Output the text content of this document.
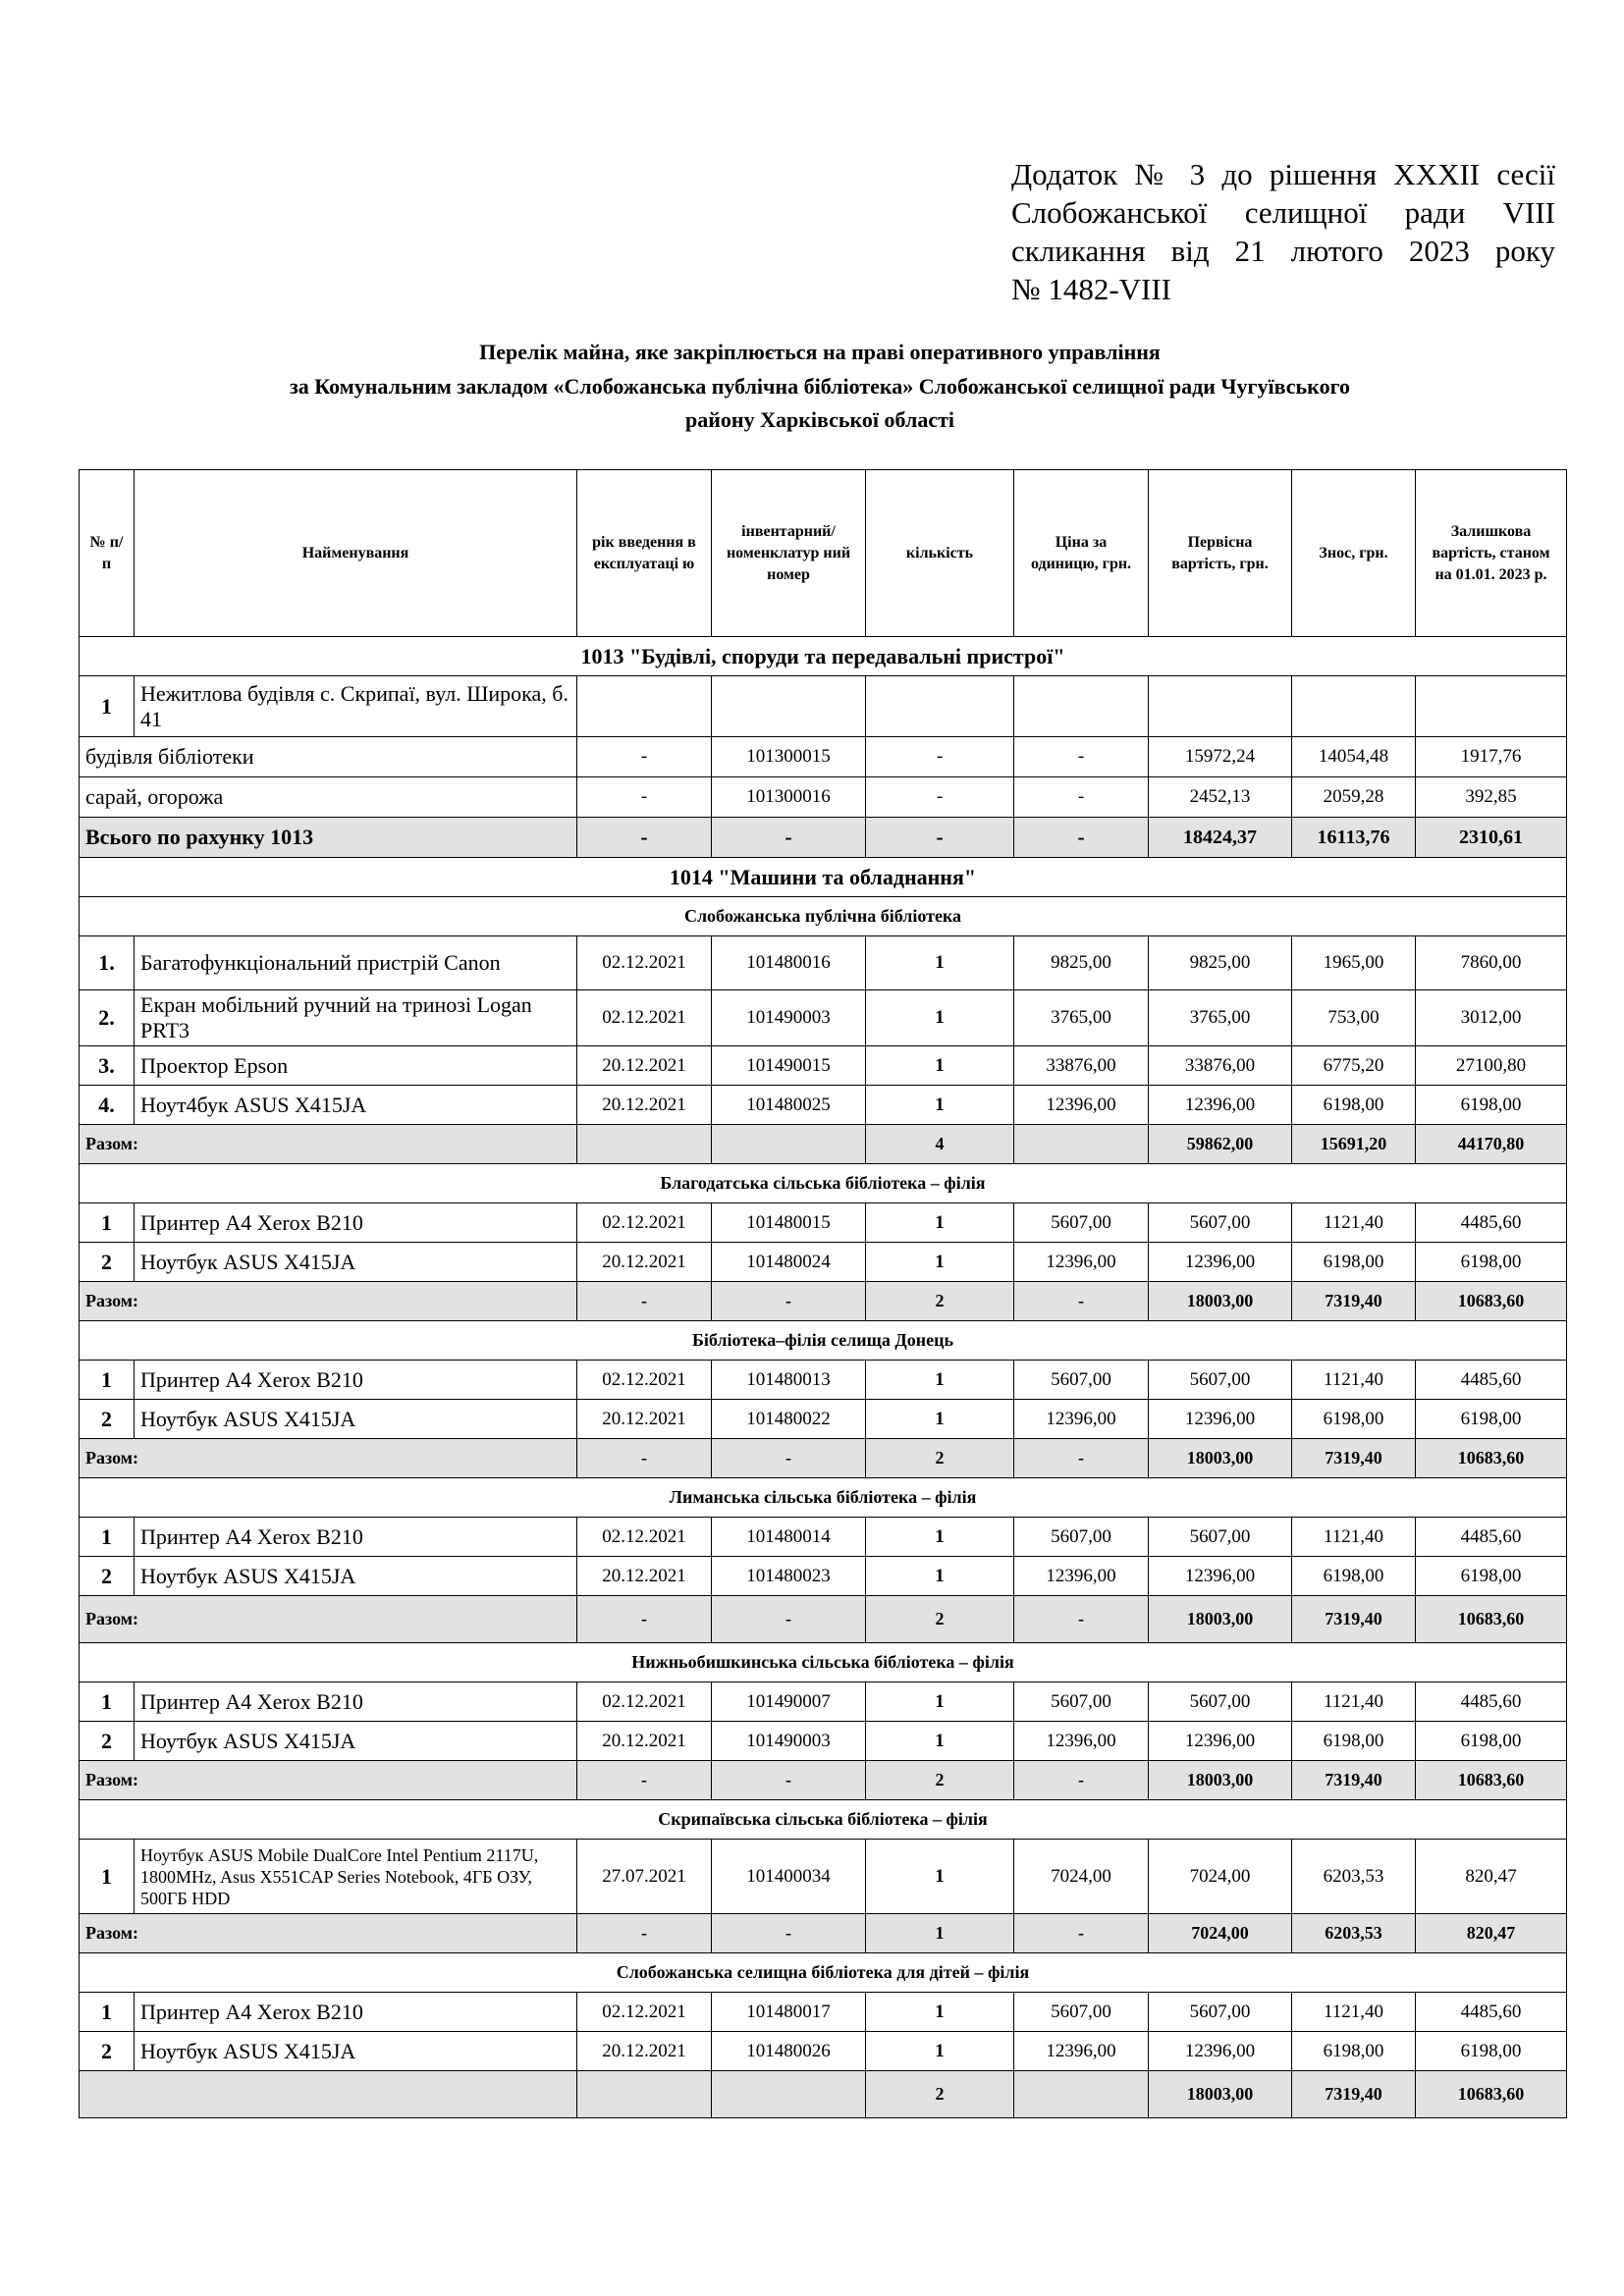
Додаток № 3 до рішення XXXII сесії
Слобожанської селищної ради VIII
скликання від 21 лютого 2023 року
№ 1482-VIII
Перелік майна, яке закріплюється на праві оперативного управління
за Комунальним закладом «Слобожанська публічна бібліотека» Слобожанської селищної ради Чугуївського
району Харківської області
№ п/ п	Найменування	рік введення в експлуатаці ю	інвентарний/ номенклатур ний номер	кількість	Ціна за одиницю, грн.	Первісна вартість, грн.	Знос, грн.	Залишкова вартість, станом на 01.01. 2023 р.
1013 "Будівлі, споруди та передавальні пристрої"								
1	Нежитлова будівля с. Скрипаї, вул. Широка, б. 41							
будівля бібліотеки		-	101300015	-	-	15972,24	14054,48	1917,76
сарай, огорожа		-	101300016	-	-	2452,13	2059,28	392,85
Всього по рахунку 1013		-	-	-	-	18424,37	16113,76	2310,61
1014 "Машини та обладнання"								
Слобожанська публічна бібліотека								
1.	Багатофункціональний пристрій Canon	02.12.2021	101480016	1	9825,00	9825,00	1965,00	7860,00
2.	Екран мобільний ручний на тринозі Logan PRT3	02.12.2021	101490003	1	3765,00	3765,00	753,00	3012,00
3.	Проектор Epson	20.12.2021	101490015	1	33876,00	33876,00	6775,20	27100,80
4.	Ноут4бук ASUS X415JA	20.12.2021	101480025	1	12396,00	12396,00	6198,00	6198,00
Разом:				4		59862,00	15691,20	44170,80
Благодатська сільська бібліотека – філія								
1	Принтер А4 Xerox B210	02.12.2021	101480015	1	5607,00	5607,00	1121,40	4485,60
2	Ноутбук ASUS X415JA	20.12.2021	101480024	1	12396,00	12396,00	6198,00	6198,00
Разом:		-	-	2	-	18003,00	7319,40	10683,60
Бібліотека–філія селища Донець								
1	Принтер А4 Xerox B210	02.12.2021	101480013	1	5607,00	5607,00	1121,40	4485,60
2	Ноутбук ASUS X415JA	20.12.2021	101480022	1	12396,00	12396,00	6198,00	6198,00
Разом:		-	-	2	-	18003,00	7319,40	10683,60
Лиманська сільська бібліотека – філія								
1	Принтер А4 Xerox B210	02.12.2021	101480014	1	5607,00	5607,00	1121,40	4485,60
2	Ноутбук ASUS X415JA	20.12.2021	101480023	1	12396,00	12396,00	6198,00	6198,00
Разом:		-	-	2	-	18003,00	7319,40	10683,60
Нижньобишкинська сільська бібліотека – філія								
1	Принтер А4 Xerox B210	02.12.2021	101490007	1	5607,00	5607,00	1121,40	4485,60
2	Ноутбук ASUS X415JA	20.12.2021	101490003	1	12396,00	12396,00	6198,00	6198,00
Разом:		-	-	2	-	18003,00	7319,40	10683,60
Скрипаївська сільська бібліотека – філія								
1	Ноутбук ASUS Mobile DualCore Intel Pentium 2117U, 1800MHz, Asus X551CAP Series Notebook, 4ГБ ОЗУ, 500ГБ HDD	27.07.2021	101400034	1	7024,00	7024,00	6203,53	820,47
Разом:		-	-	1	-	7024,00	6203,53	820,47
Слобожанська селищна бібліотека для дітей – філія								
1	Принтер А4 Xerox B210	02.12.2021	101480017	1	5607,00	5607,00	1121,40	4485,60
2	Ноутбук ASUS X415JA	20.12.2021	101480026	1	12396,00	12396,00	6198,00	6198,00
				2		18003,00	7319,40	10683,60
